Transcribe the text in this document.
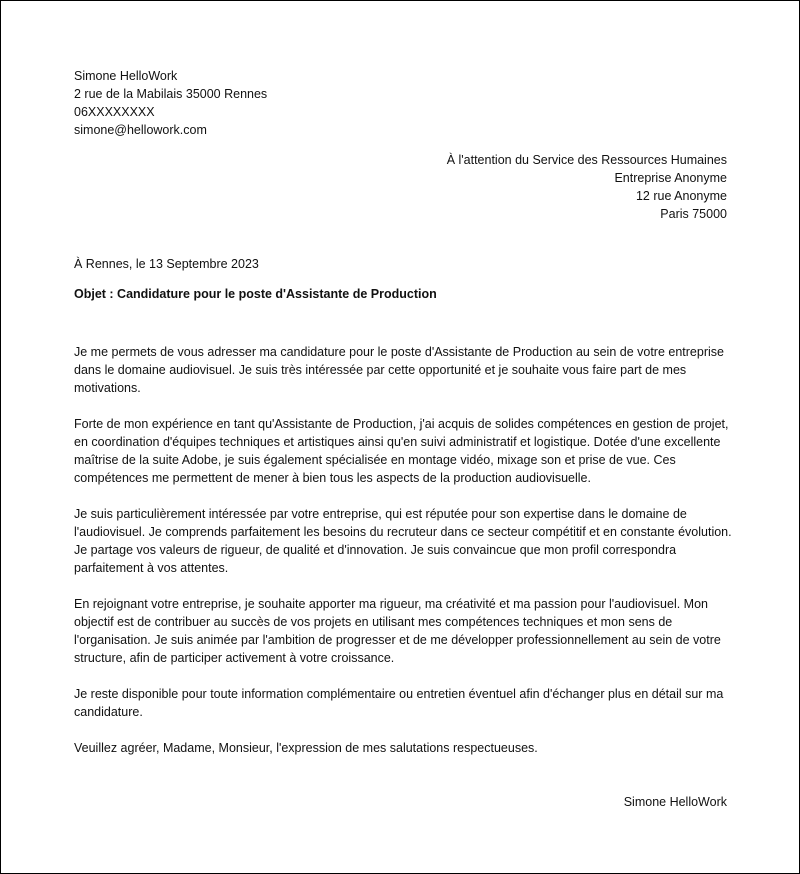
Simone HelloWork
2 rue de la Mabilais 35000 Rennes
06XXXXXXXX
simone@hellowork.com
À l'attention du Service des Ressources Humaines
Entreprise Anonyme
12 rue Anonyme
Paris 75000
À Rennes, le 13 Septembre 2023
Objet : Candidature pour le poste d'Assistante de Production

Je me permets de vous adresser ma candidature pour le poste d'Assistante de Production au sein de votre entreprise dans le domaine audiovisuel. Je suis très intéressée par cette opportunité et je souhaite vous faire part de mes motivations.

Forte de mon expérience en tant qu'Assistante de Production, j'ai acquis de solides compétences en gestion de projet, en coordination d'équipes techniques et artistiques ainsi qu'en suivi administratif et logistique. Dotée d'une excellente maîtrise de la suite Adobe, je suis également spécialisée en montage vidéo, mixage son et prise de vue. Ces compétences me permettent de mener à bien tous les aspects de la production audiovisuelle.

Je suis particulièrement intéressée par votre entreprise, qui est réputée pour son expertise dans le domaine de l'audiovisuel. Je comprends parfaitement les besoins du recruteur dans ce secteur compétitif et en constante évolution. Je partage vos valeurs de rigueur, de qualité et d'innovation. Je suis convaincue que mon profil correspondra parfaitement à vos attentes.

En rejoignant votre entreprise, je souhaite apporter ma rigueur, ma créativité et ma passion pour l'audiovisuel. Mon objectif est de contribuer au succès de vos projets en utilisant mes compétences techniques et mon sens de l'organisation. Je suis animée par l'ambition de progresser et de me développer professionnellement au sein de votre structure, afin de participer activement à votre croissance.

Je reste disponible pour toute information complémentaire ou entretien éventuel afin d'échanger plus en détail sur ma candidature.

Veuillez agréer, Madame, Monsieur, l'expression de mes salutations respectueuses.

Simone HelloWork
